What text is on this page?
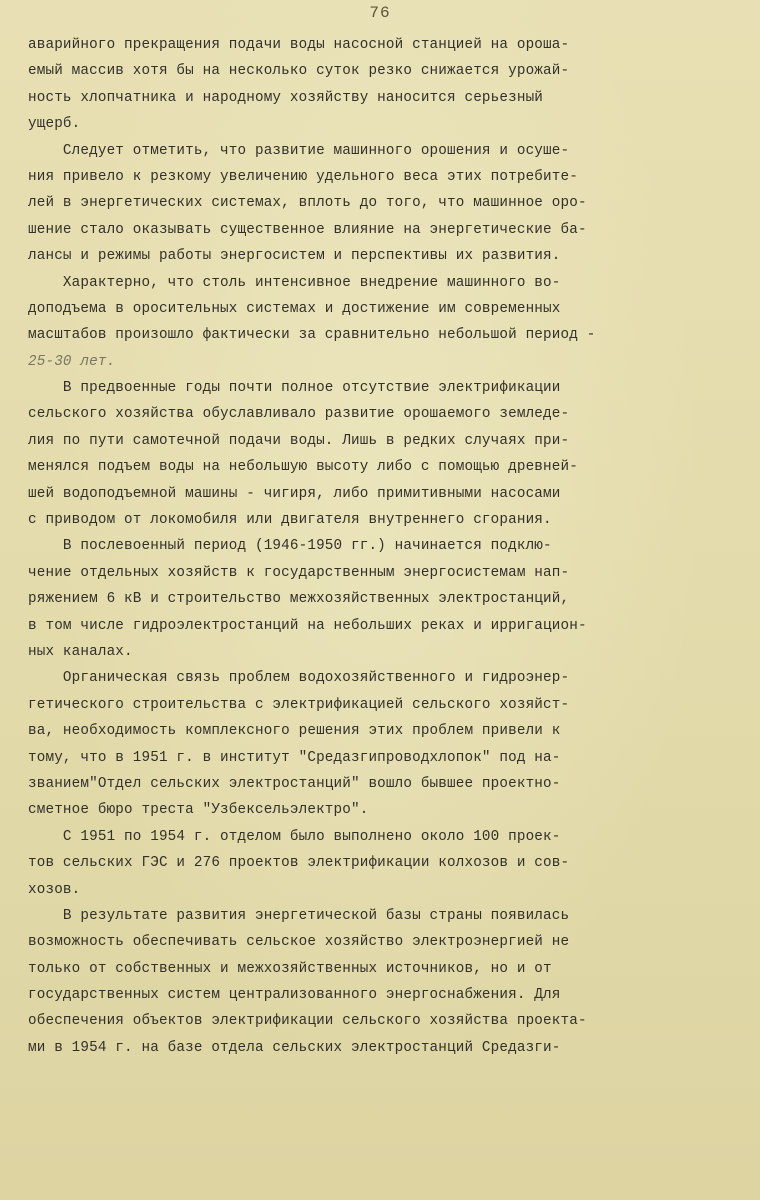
76
аварийного прекращения подачи воды насосной станцией на ороша-
емый массив хотя бы на несколько суток резко снижается урожай-
ность хлопчатника и народному хозяйству наносится серьезный
ущерб.
Следует отметить, что развитие машинного орошения и осуше-
ния привело к резкому увеличению удельного веса этих потребите-
лей в энергетических системах, вплоть до того, что машинное оро-
шение стало оказывать существенное влияние на энергетические ба-
лансы и режимы работы энергосистем и перспективы их развития.
Характерно, что столь интенсивное внедрение машинного во-
доподъема в оросительных системах и достижение им современных
масштабов произошло фактически за сравнительно небольшой период -
25-30 лет.
В предвоенные годы почти полное отсутствие электрификации
сельского хозяйства обуславливало развитие орошаемого земледе-
лия по пути самотечной подачи воды. Лишь в редких случаях при-
менялся подъем воды на небольшую высоту либо с помощью древней-
шей водоподъемной машины - чигиря, либо примитивными насосами
с приводом от локомобиля или двигателя внутреннего сгорания.
В послевоенный период (1946-1950 гг.) начинается подклю-
чение отдельных хозяйств к государственным энергосистемам нап-
ряжением 6 кВ и строительство межхозяйственных электростанций,
в том числе гидроэлектростанций на небольших реках и ирригацион-
ных каналах.
Органическая связь проблем водохозяйственного и гидроэнер-
гетического строительства с электрификацией сельского хозяйст-
ва, необходимость комплексного решения этих проблем привели к
тому, что в 1951 г. в институт "Средазгипроводхлопок" под на-
званием"Отдел сельских электростанций" вошло бывшее проектно-
сметное бюро треста "Узбексельэлектро".
С 1951 по 1954 г. отделом было выполнено около 100 проек-
тов сельских ГЭС и 276 проектов электрификации колхозов и сов-
хозов.
В результате развития энергетической базы страны появилась
возможность обеспечивать сельское хозяйство электроэнергией не
только от собственных и межхозяйственных источников, но и от
государственных систем централизованного энергоснабжения. Для
обеспечения объектов электрификации сельского хозяйства проекта-
ми в 1954 г. на базе отдела сельских электростанций Средазги-
